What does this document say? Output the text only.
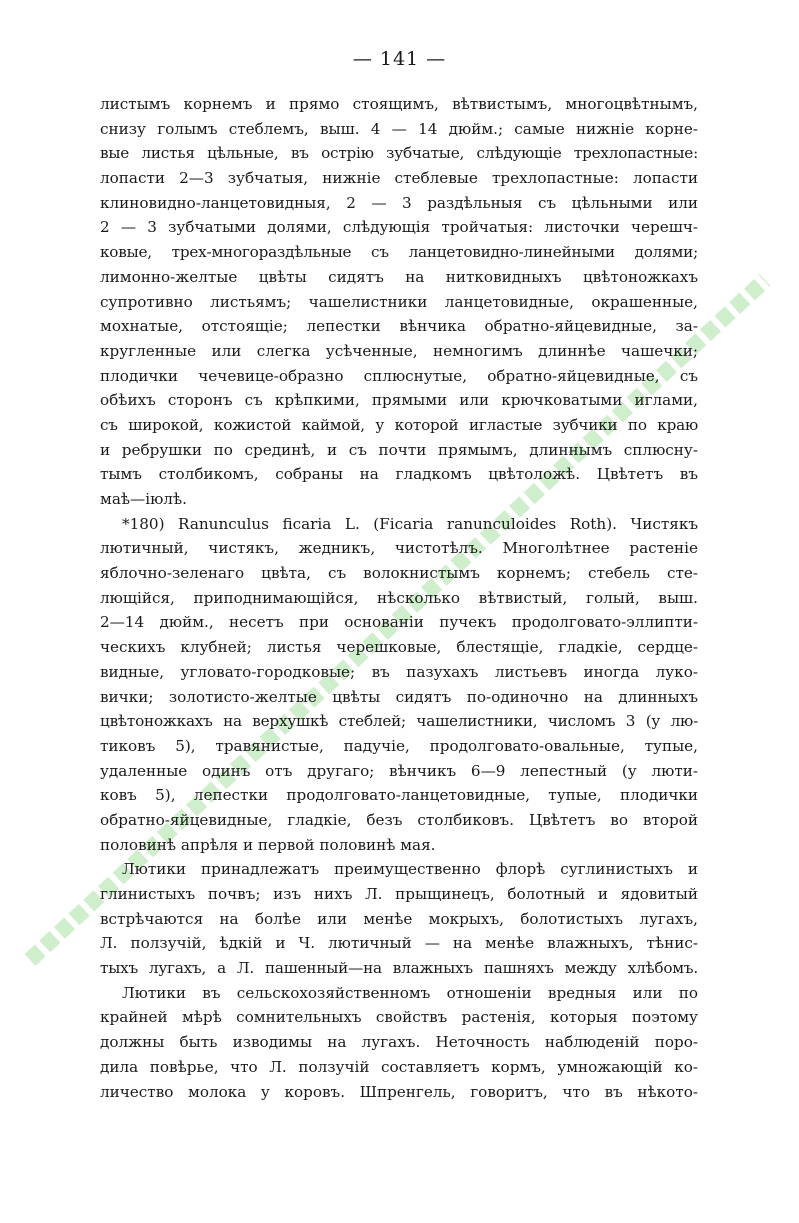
— 141 —
листымъ корнемъ и прямо стоящимъ, вѣтвистымъ, многоцвѣтнымъ,
снизу голымъ стеблемъ, выш. 4 — 14 дюйм.; самые нижніе корне-
вые листья цѣльные, въ острію зубчатые, слѣдующіе трехлопастные:
лопасти 2—3 зубчатыя, нижніе стеблевые трехлопастные: лопасти
клиновидно-ланцетовидныя, 2 — 3 раздѣльныя съ цѣльными или
2 — 3 зубчатыми долями, слѣдующія тройчатыя: листочки черешч-
ковые, трех-многораздѣльные съ ланцетовидно-линейными долями;
лимонно-желтые цвѣты сидятъ на нитковидныхъ цвѣтоножкахъ
супротивно листьямъ; чашелистники ланцетовидные, окрашенные,
мохнатые, отстоящіе; лепестки вѣнчика обратно-яйцевидные, за-
кругленные или слегка усѣченные, немногимъ длиннѣе чашечки;
плодички чечевице-образно сплюснутые, обратно-яйцевидные, съ
обѣихъ сторонъ съ крѣпкими, прямыми или крючковатыми иглами,
съ широкой, кожистой каймой, у которой игластые зубчики по краю
и ребрушки по срединѣ, и съ почти прямымъ, длиннымъ сплюсну-
тымъ столбикомъ, собраны на гладкомъ цвѣтоложѣ. Цвѣтетъ въ
маѣ—іюлѣ.
*180) Ranunculus ficaria L. (Ficaria ranunculoides Roth). Чистякъ
лютичный, чистякъ, жедникъ, чистотѣлъ. Многолѣтнее растеніе
яблочно-зеленаго цвѣта, съ волокнистымъ корнемъ; стебель сте-
лющійся, приподнимающійся, нѣсколько вѣтвистый, голый, выш.
2—14 дюйм., несетъ при основаніи пучекъ продолговато-эллипти-
ческихъ клубней; листья черешковые, блестящіе, гладкіе, сердце-
видные, угловато-городковые; въ пазухахъ листьевъ иногда луко-
вички; золотисто-желтые цвѣты сидятъ по-одиночно на длинныхъ
цвѣтоножкахъ на верхушкѣ стеблей; чашелистники, числомъ 3 (у лю-
тиковъ 5), травянистые, падучіе, продолговато-овальные, тупые,
удаленные одинъ отъ другаго; вѣнчикъ 6—9 лепестный (у люти-
ковъ 5), лепестки продолговато-ланцетовидные, тупые, плодички
обратно-яйцевидные, гладкіе, безъ столбиковъ. Цвѣтетъ во второй
половинѣ апрѣля и первой половинѣ мая.
Лютики принадлежатъ преимущественно флорѣ суглинистыхъ и
глинистыхъ почвъ; изъ нихъ Л. прыщинецъ, болотный и ядовитый
встрѣчаются на болѣе или менѣе мокрыхъ, болотистыхъ лугахъ,
Л. ползучій, ѣдкій и Ч. лютичный — на менѣе влажныхъ, тѣнис-
тыхъ лугахъ, а Л. пашенный—на влажныхъ пашняхъ между хлѣбомъ.
Лютики въ сельскохозяйственномъ отношеніи вредныя или по
крайней мѣрѣ сомнительныхъ свойствъ растенія, которыя поэтому
должны быть изводимы на лугахъ. Неточность наблюденій поро-
дила повѣрье, что Л. ползучій составляетъ кормъ, умножающій ко-
личество молока у коровъ. Шпренгель, говоритъ, что въ нѣкото-
